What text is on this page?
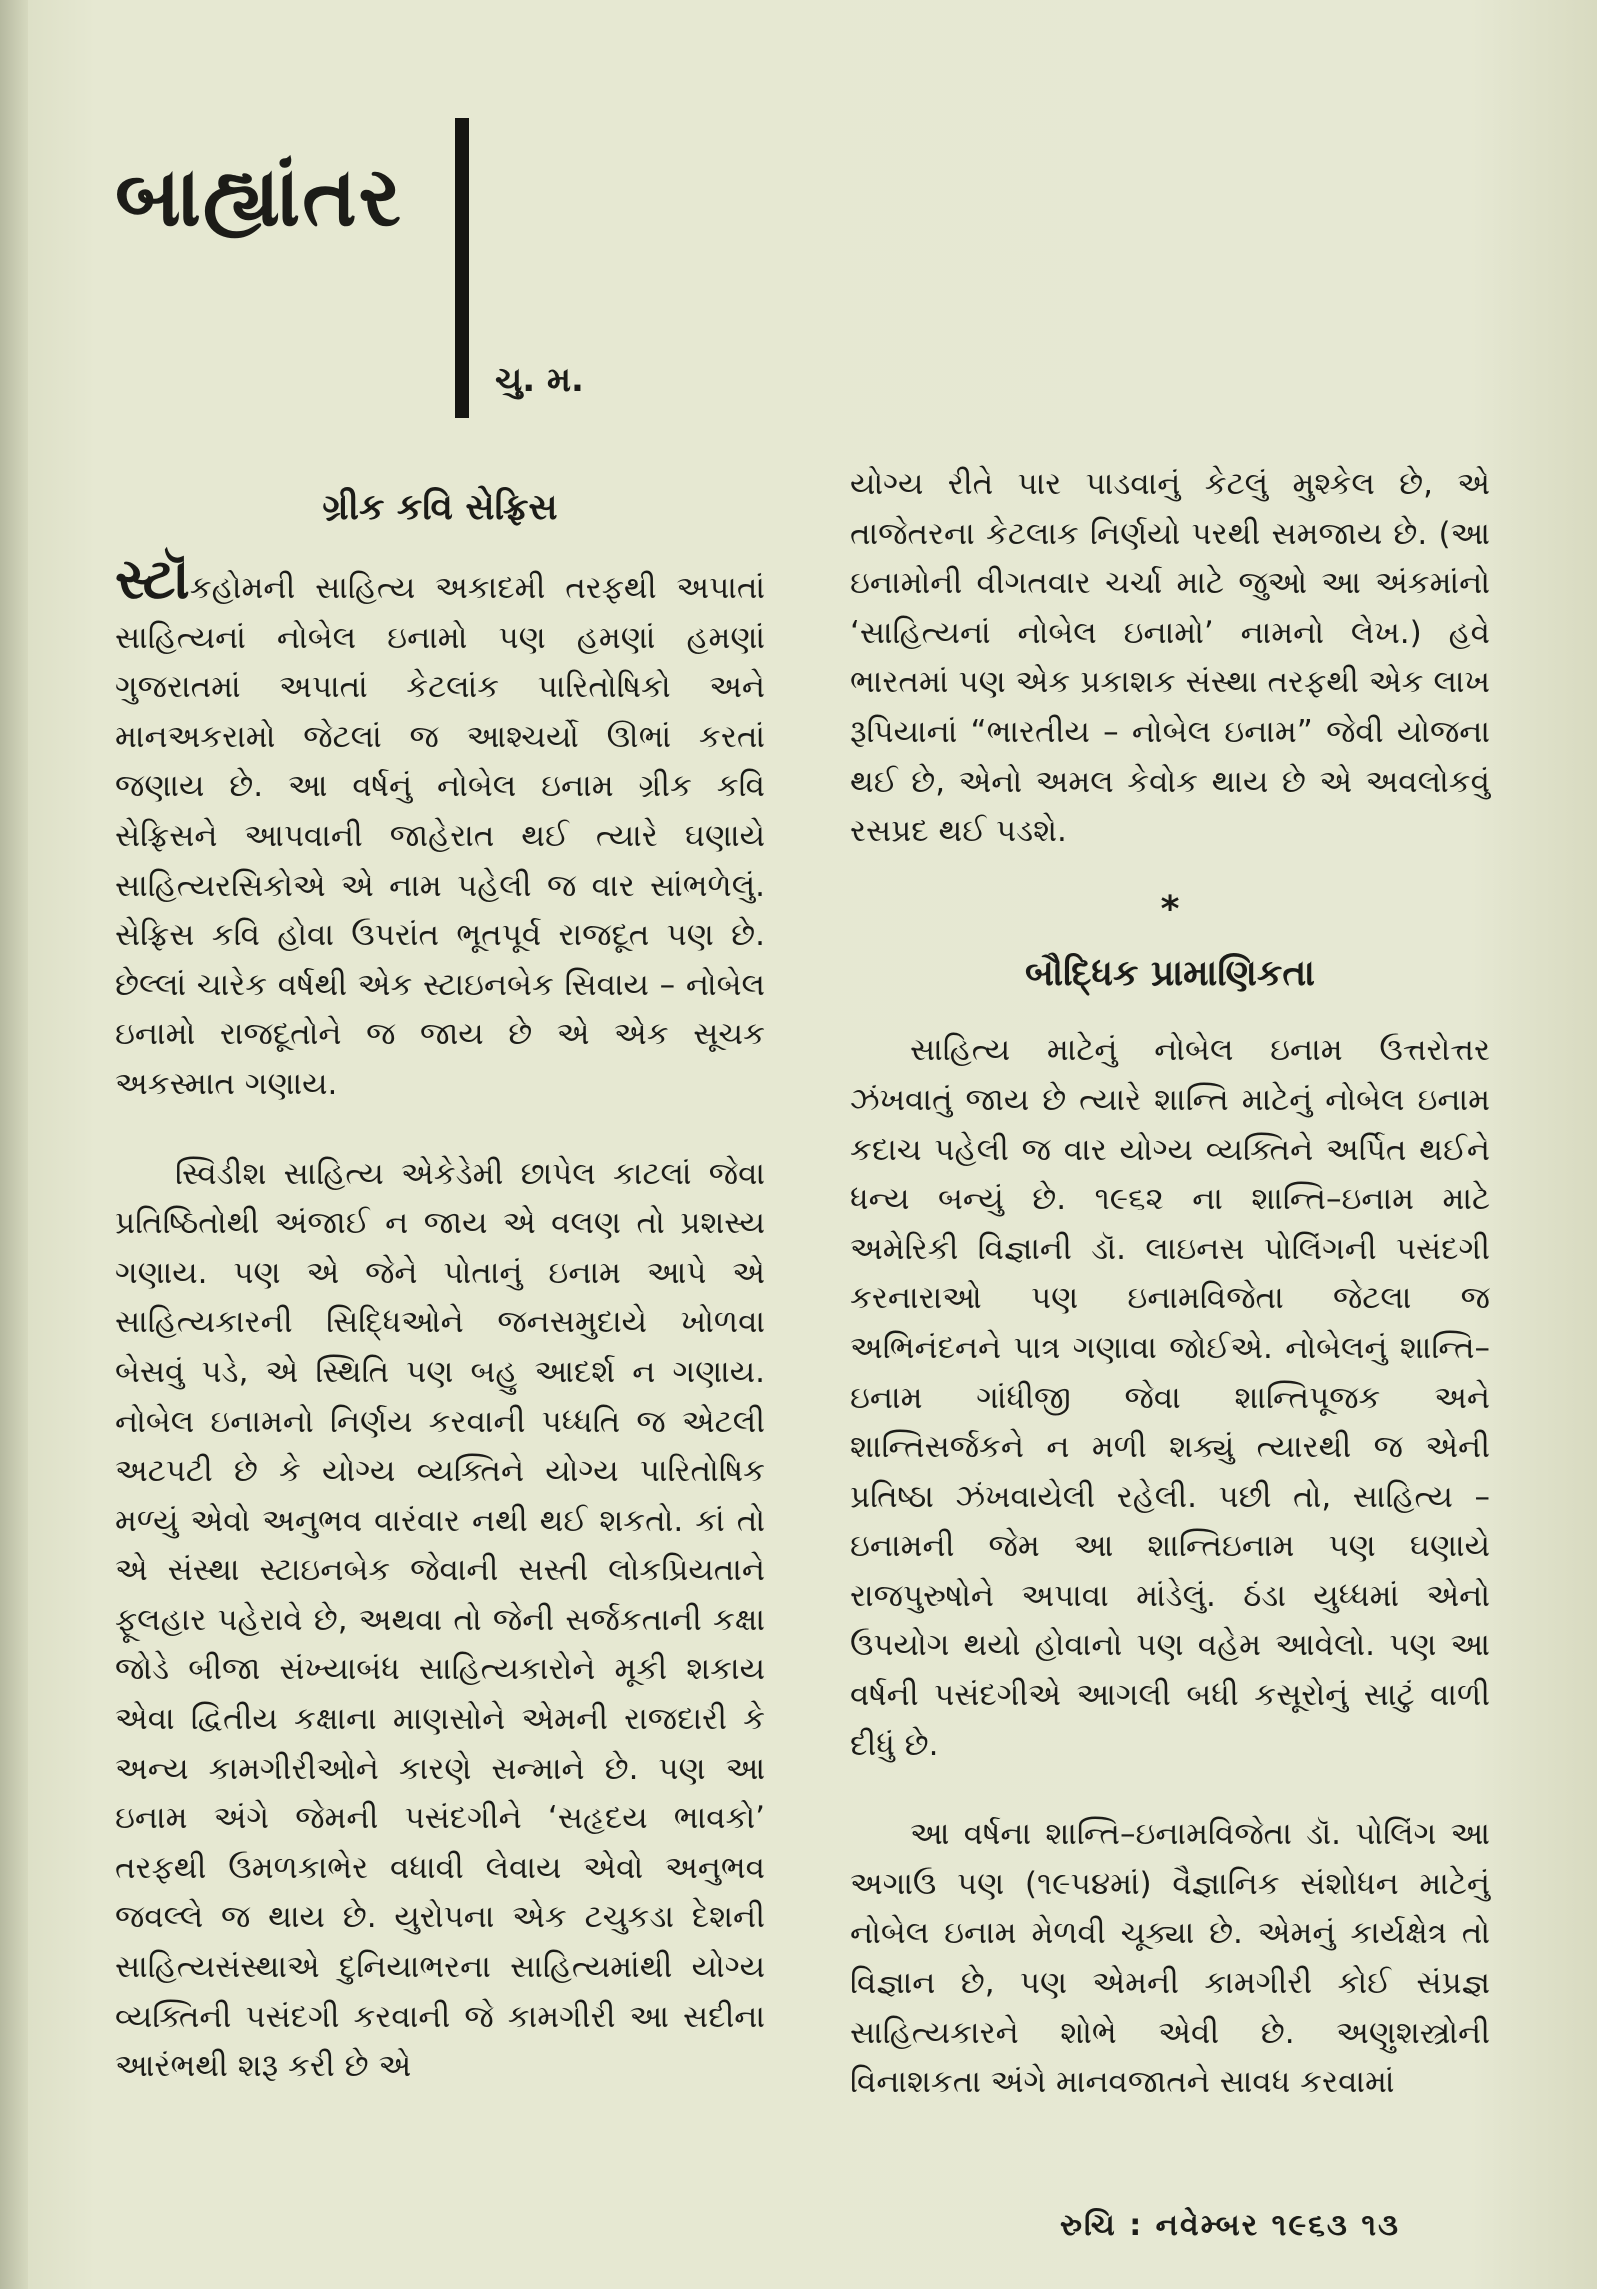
બાહ્યાંતર
ચુ. મ.
ગ્રીક કવિ સેફ્રિસ

સ્ટૉકહોમની સાહિત્ય અકાદમી તરફથી અપાતાં સાહિત્યનાં નોબેલ ઇનામો પણ હમણાં હમણાં ગુજરાતમાં અપાતાં કેટલાંક પારિતોષિકો અને માનઅકરામો જેટલાં જ આશ્ચર્યો ઊભાં કરતાં જણાય છે. આ વર્ષનું નોબેલ ઇનામ ગ્રીક કવિ સેફ્રિસને આપવાની જાહેરાત થઈ ત્યારે ઘણાયે સાહિત્યરસિકોએ એ નામ પહેલી જ વાર સાંભળેલું. સેફ્રિસ કવિ હોવા ઉપરાંત ભૂતપૂર્વ રાજદૂત પણ છે. છેલ્લાં ચારેક વર્ષથી એક સ્ટાઇનબેક સિવાય – નોબેલ ઇનામો રાજદૂતોને જ જાય છે એ એક સૂચક અકસ્માત ગણાય.

સ્વિડીશ સાહિત્ય એકેડેમી છાપેલ કાટલાં જેવા પ્રતિષ્ઠિતોથી અંજાઈ ન જાય એ વલણ તો પ્રશસ્ય ગણાય. પણ એ જેને પોતાનું ઇનામ આપે એ સાહિત્યકારની સિદ્ધિઓને જનસમુદાયે ખોળવા બેસવું પડે, એ સ્થિતિ પણ બહુ આદર્શ ન ગણાય. નોબેલ ઇનામનો નિર્ણય કરવાની પધ્ધતિ જ એટલી અટપટી છે કે યોગ્ય વ્યક્તિને યોગ્ય પારિતોષિક મળ્યું એવો અનુભવ વારંવાર નથી થઈ શકતો. કાં તો એ સંસ્થા સ્ટાઇનબેક જેવાની સસ્તી લોકપ્રિયતાને ફૂલહાર પહેરાવે છે, અથવા તો જેની સર્જકતાની કક્ષા જોડે બીજા સંખ્યાબંધ સાહિત્યકારોને મૂકી શકાય એવા દ્વિતીય કક્ષાના માણસોને એમની રાજદારી કે અન્ય કામગીરીઓને કારણે સન્માને છે. પણ આ ઇનામ અંગે જેમની પસંદગીને ‘સહૃદય ભાવકો’ તરફથી ઉમળકાભેર વધાવી લેવાય એવો અનુભવ જવલ્લે જ થાય છે. યુરોપના એક ટચુકડા દેશની સાહિત્યસંસ્થાએ દુનિયાભરના સાહિત્યમાંથી યોગ્ય વ્યક્તિની પસંદગી કરવાની જે કામગીરી આ સદીના આરંભથી શરૂ કરી છે એ

યોગ્ય રીતે પાર પાડવાનું કેટલું મુશ્કેલ છે, એ તાજેતરના કેટલાક નિર્ણયો પરથી સમજાય છે. (આ ઇનામોની વીગતવાર ચર્ચા માટે જુઓ આ અંકમાંનો ‘સાહિત્યનાં નોબેલ ઇનામો’ નામનો લેખ.) હવે ભારતમાં પણ એક પ્રકાશક સંસ્થા તરફથી એક લાખ રૂપિયાનાં “ભારતીય – નોબેલ ઇનામ” જેવી યોજના થઈ છે, એનો અમલ કેવોક થાય છે એ અવલોકવું રસપ્રદ થઈ પડશે.

*
બૌદ્ધિક પ્રામાણિકતા

સાહિત્ય માટેનું નોબેલ ઇનામ ઉત્તરોત્તર ઝંખવાતું જાય છે ત્યારે શાન્તિ માટેનું નોબેલ ઇનામ કદાચ પહેલી જ વાર યોગ્ય વ્યક્તિને અર્પિત થઈને ધન્ય બન્યું છે. ૧૯૬૨ ના શાન્તિ–ઇનામ માટે અમેરિકી વિજ્ઞાની ડૉ. લાઇનસ પોલિંગની પસંદગી કરનારાઓ પણ ઇનામવિજેતા જેટલા જ અભિનંદનને પાત્ર ગણાવા જોઈએ. નોબેલનું શાન્તિ–ઇનામ ગાંધીજી જેવા શાન્તિપૂજક અને શાન્તિસર્જકને ન મળી શક્યું ત્યારથી જ એની પ્રતિષ્ઠા ઝંખવાયેલી રહેલી. પછી તો, સાહિત્ય – ઇનામની જેમ આ શાન્તિઇનામ પણ ઘણાયે રાજપુરુષોને અપાવા માંડેલું. ઠંડા યુધ્ધમાં એનો ઉપયોગ થયો હોવાનો પણ વહેમ આવેલો. પણ આ વર્ષની પસંદગીએ આગલી બધી કસૂરોનું સાટું વાળી દીધું છે.

આ વર્ષના શાન્તિ–ઇનામવિજેતા ડૉ. પોલિંગ આ અગાઉ પણ (૧૯૫૪માં) વૈજ્ઞાનિક સંશોધન માટેનું નોબેલ ઇનામ મેળવી ચૂક્યા છે. એમનું કાર્યક્ષેત્ર તો વિજ્ઞાન છે, પણ એમની કામગીરી કોઈ સંપ્રજ્ઞ સાહિત્યકારને શોભે એવી છે. અણુશસ્ત્રોની વિનાશકતા અંગે માનવજાતને સાવધ કરવામાં

રુચિ : નવેમ્બર ૧૯૬૩ ૧૩
